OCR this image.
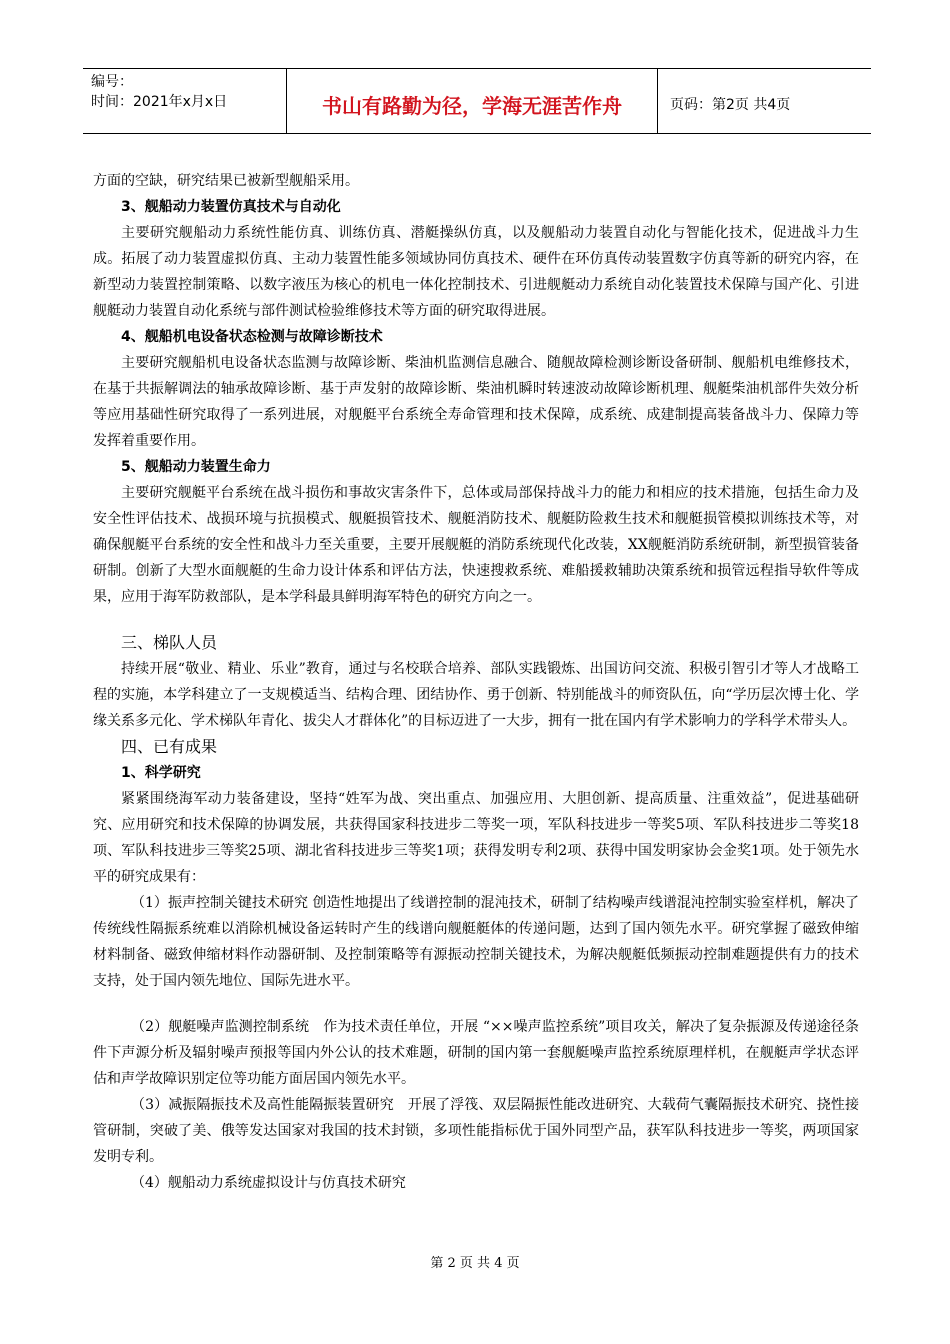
编号：
时间：2021年x月x日	书山有路勤为径，学海无涯苦作舟	页码：第2页 共4页

方面的空缺，研究结果已被新型舰船采用。

3、舰船动力装置仿真技术与自动化

主要研究舰船动力系统性能仿真、训练仿真、潜艇操纵仿真，以及舰船动力装置自动化与智能化技术，促进战斗力生成。拓展了动力装置虚拟仿真、主动力装置性能多领域协同仿真技术、硬件在环仿真传动装置数字仿真等新的研究内容，在新型动力装置控制策略、以数字液压为核心的机电一体化控制技术、引进舰艇动力系统自动化装置技术保障与国产化、引进舰艇动力装置自动化系统与部件测试检验维修技术等方面的研究取得进展。

4、舰船机电设备状态检测与故障诊断技术

主要研究舰船机电设备状态监测与故障诊断、柴油机监测信息融合、随舰故障检测诊断设备研制、舰船机电维修技术，在基于共振解调法的轴承故障诊断、基于声发射的故障诊断、柴油机瞬时转速波动故障诊断机理、舰艇柴油机部件失效分析等应用基础性研究取得了一系列进展，对舰艇平台系统全寿命管理和技术保障，成系统、成建制提高装备战斗力、保障力等发挥着重要作用。

5、舰船动力装置生命力

主要研究舰艇平台系统在战斗损伤和事故灾害条件下，总体或局部保持战斗力的能力和相应的技术措施，包括生命力及安全性评估技术、战损环境与抗损模式、舰艇损管技术、舰艇消防技术、舰艇防险救生技术和舰艇损管模拟训练技术等，对确保舰艇平台系统的安全性和战斗力至关重要，主要开展舰艇的消防系统现代化改装，XX舰艇消防系统研制，新型损管装备研制。创新了大型水面舰艇的生命力设计体系和评估方法，快速搜救系统、难船援救辅助决策系统和损管远程指导软件等成果，应用于海军防救部队，是本学科最具鲜明海军特色的研究方向之一。

三、梯队人员

持续开展“敬业、精业、乐业”教育，通过与名校联合培养、部队实践锻炼、出国访问交流、积极引智引才等人才战略工程的实施，本学科建立了一支规模适当、结构合理、团结协作、勇于创新、特别能战斗的师资队伍，向“学历层次博士化、学缘关系多元化、学术梯队年青化、拔尖人才群体化”的目标迈进了一大步，拥有一批在国内有学术影响力的学科学术带头人。

四、已有成果

1、科学研究

紧紧围绕海军动力装备建设，坚持“姓军为战、突出重点、加强应用、大胆创新、提高质量、注重效益”，促进基础研究、应用研究和技术保障的协调发展，共获得国家科技进步二等奖一项，军队科技进步一等奖5项、军队科技进步二等奖18项、军队科技进步三等奖25项、湖北省科技进步三等奖1项；获得发明专利2项、获得中国发明家协会金奖1项。处于领先水平的研究成果有：

（1）振声控制关键技术研究 创造性地提出了线谱控制的混沌技术，研制了结构噪声线谱混沌控制实验室样机，解决了传统线性隔振系统难以消除机械设备运转时产生的线谱向舰艇艇体的传递问题，达到了国内领先水平。研究掌握了磁致伸缩材料制备、磁致伸缩材料作动器研制、及控制策略等有源振动控制关键技术，为解决舰艇低频振动控制难题提供有力的技术支持，处于国内领先地位、国际先进水平。

（2）舰艇噪声监测控制系统　作为技术责任单位，开展 “××噪声监控系统”项目攻关，解决了复杂振源及传递途径条件下声源分析及辐射噪声预报等国内外公认的技术难题，研制的国内第一套舰艇噪声监控系统原理样机，在舰艇声学状态评估和声学故障识别定位等功能方面居国内领先水平。

（3）减振隔振技术及高性能隔振装置研究　开展了浮筏、双层隔振性能改进研究、大载荷气囊隔振技术研究、挠性接管研制，突破了美、俄等发达国家对我国的技术封锁，多项性能指标优于国外同型产品，获军队科技进步一等奖，两项国家发明专利。

（4）舰船动力系统虚拟设计与仿真技术研究

第 2 页 共 4 页
